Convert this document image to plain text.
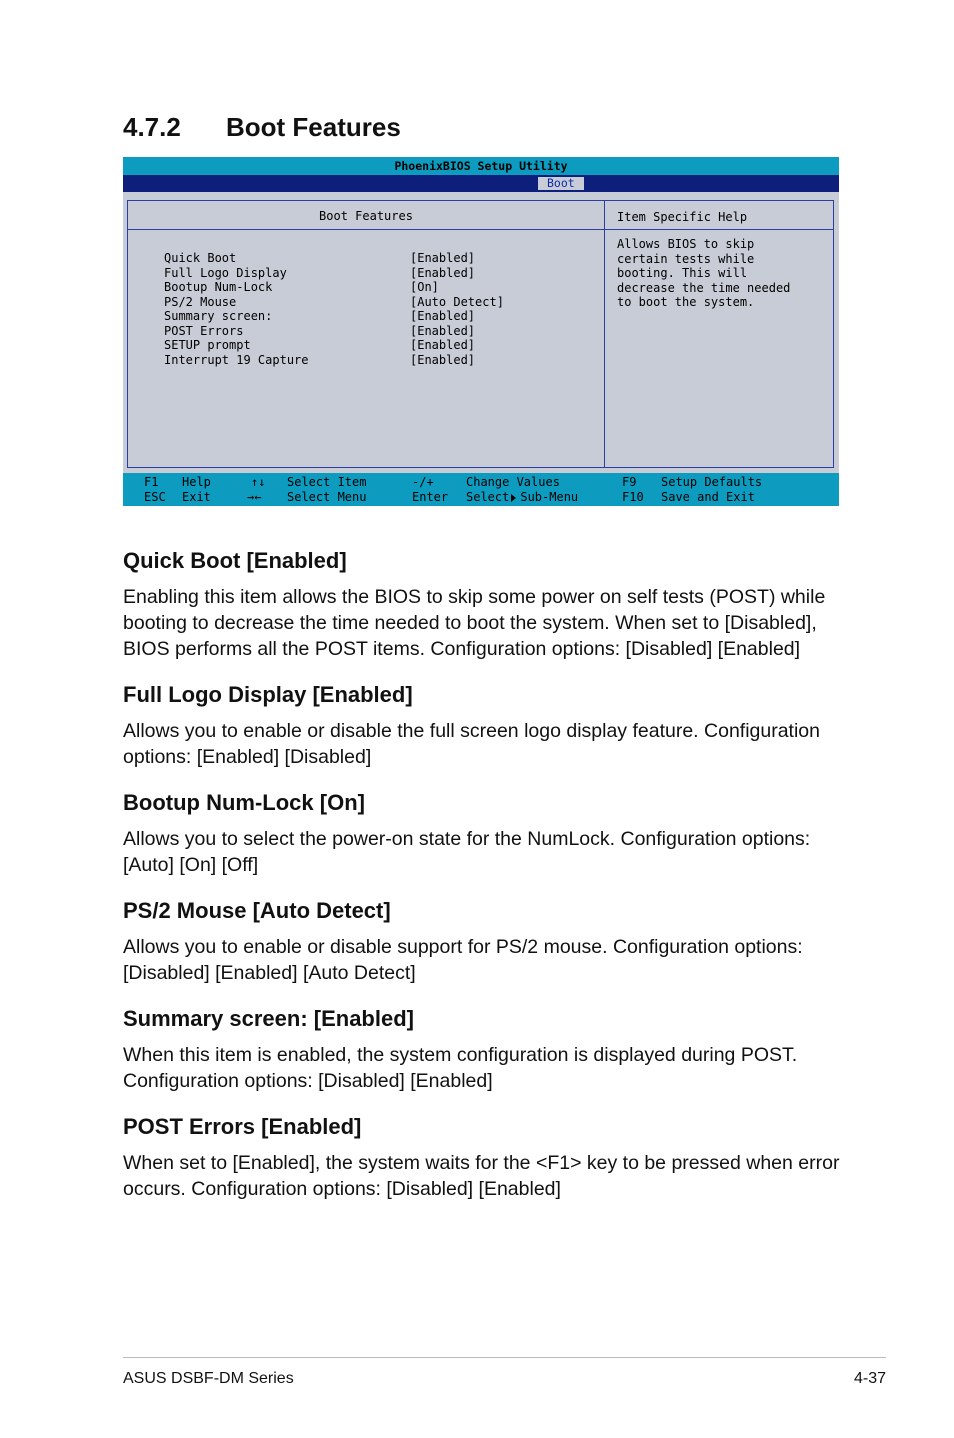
4.7.2 Boot Features
PhoenixBIOS Setup Utility
Boot
Boot Features	Item Specific Help
Quick Boot	[Enabled]
Full Logo Display	[Enabled]
Bootup Num-Lock	[On]
PS/2 Mouse	[Auto Detect]
Summary screen:	[Enabled]
POST Errors	[Enabled]
SETUP prompt	[Enabled]
Interrupt 19 Capture	[Enabled]
Allows BIOS to skip
certain tests while
booting. This will
decrease the time needed
to boot the system.
F1 Help
ESC Exit
↑↓ Select Item
→← Select Menu
-/+	Change Values
Enter Select Sub-Menu
F9 Setup Defaults
F10 Save and Exit
Quick Boot [Enabled]

Enabling this item allows the BIOS to skip some power on self tests (POST) while booting to decrease the time needed to boot the system. When set to [Disabled], BIOS performs all the POST items. Configuration options: [Disabled] [Enabled]

Full Logo Display [Enabled]

Allows you to enable or disable the full screen logo display feature. Configuration options: [Enabled] [Disabled]

Bootup Num-Lock [On]

Allows you to select the power-on state for the NumLock. Configuration options: [Auto] [On] [Off]

PS/2 Mouse [Auto Detect]

Allows you to enable or disable support for PS/2 mouse. Configuration options: [Disabled] [Enabled] [Auto Detect]

Summary screen: [Enabled]

When this item is enabled, the system configuration is displayed during POST. Configuration options: [Disabled] [Enabled]

POST Errors [Enabled]

When set to [Enabled], the system waits for the <F1> key to be pressed when error occurs. Configuration options: [Disabled] [Enabled]

ASUS DSBF-DM Series	4-37
